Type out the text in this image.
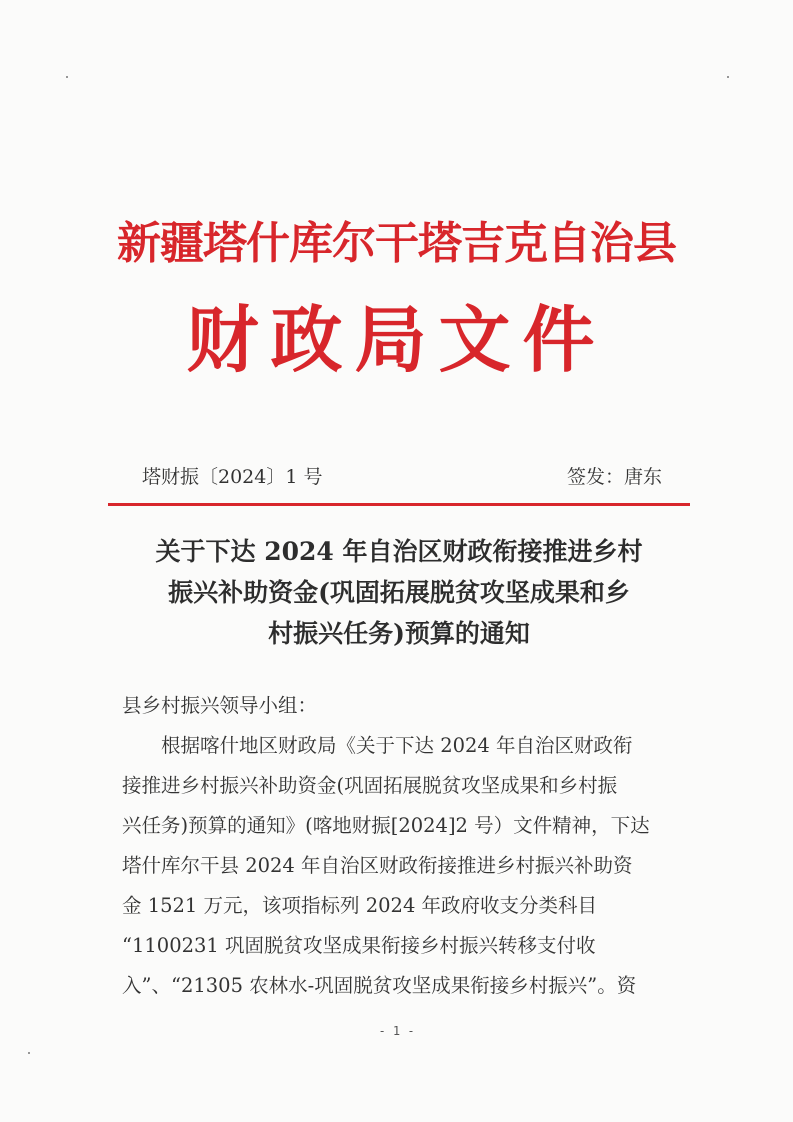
新疆塔什库尔干塔吉克自治县
财政局文件
塔财振〔2024〕1 号	签发：唐东
关于下达 2024 年自治区财政衔接推进乡村
振兴补助资金(巩固拓展脱贫攻坚成果和乡
村振兴任务)预算的通知
县乡村振兴领导小组：
根据喀什地区财政局《关于下达 2024 年自治区财政衔
接推进乡村振兴补助资金(巩固拓展脱贫攻坚成果和乡村振
兴任务)预算的通知》(喀地财振[2024]2 号）文件精神，下达
塔什库尔干县 2024 年自治区财政衔接推进乡村振兴补助资
金 1521 万元，该项指标列 2024 年政府收支分类科目
“1100231 巩固脱贫攻坚成果衔接乡村振兴转移支付收
入”、“21305 农林水-巩固脱贫攻坚成果衔接乡村振兴”。资
- 1 -
